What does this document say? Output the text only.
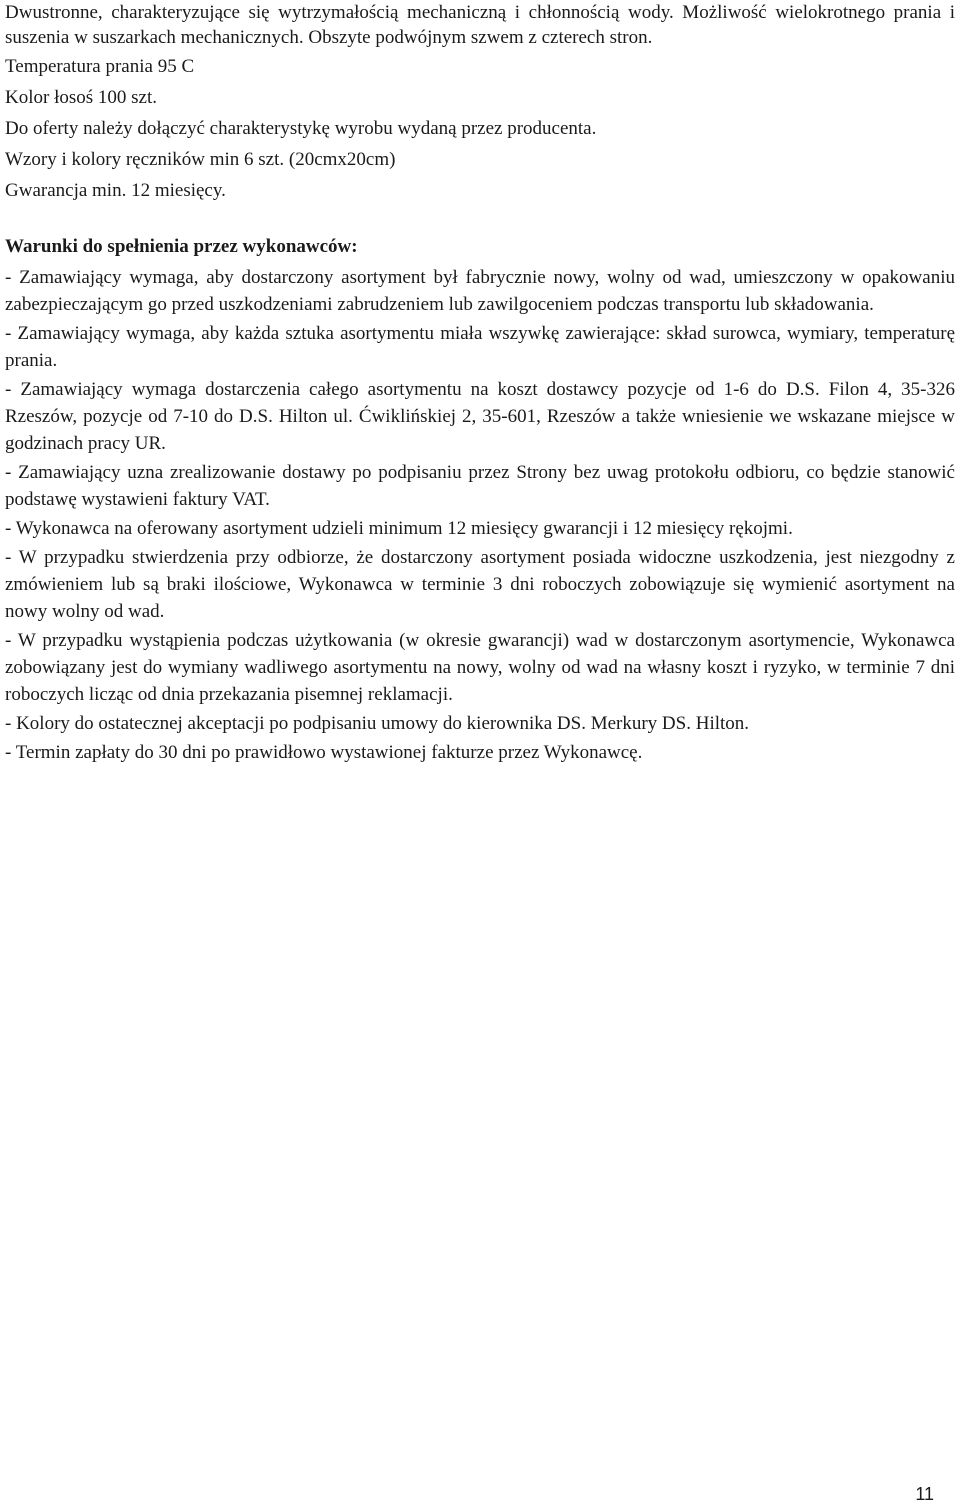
Dwustronne, charakteryzujące się wytrzymałością mechaniczną i chłonnością wody. Możliwość wielokrotnego prania i suszenia w suszarkach mechanicznych. Obszyte podwójnym szwem z czterech stron.

Temperatura prania 95 C

Kolor łosoś 100 szt.

Do oferty należy dołączyć charakterystykę wyrobu wydaną przez producenta.

Wzory i kolory ręczników min 6 szt. (20cmx20cm)

Gwarancja min. 12 miesięcy.

Warunki do spełnienia przez wykonawców:

- Zamawiający wymaga, aby dostarczony asortyment był fabrycznie nowy, wolny od wad, umieszczony w opakowaniu zabezpieczającym go przed uszkodzeniami zabrudzeniem lub zawilgoceniem podczas transportu lub składowania.

- Zamawiający wymaga, aby każda sztuka asortymentu miała wszywkę zawierające: skład surowca, wymiary, temperaturę prania.

- Zamawiający wymaga dostarczenia całego asortymentu na koszt dostawcy pozycje od 1-6 do D.S. Filon 4, 35-326 Rzeszów, pozycje od 7-10 do D.S. Hilton ul. Ćwiklińskiej 2, 35-601, Rzeszów a także wniesienie we wskazane miejsce w godzinach pracy UR.

- Zamawiający uzna zrealizowanie dostawy po podpisaniu przez Strony bez uwag protokołu odbioru, co będzie stanowić podstawę wystawieni faktury VAT.

- Wykonawca na oferowany asortyment udzieli minimum 12 miesięcy gwarancji i 12 miesięcy rękojmi.

- W przypadku stwierdzenia przy odbiorze, że dostarczony asortyment posiada widoczne uszkodzenia, jest niezgodny z zmówieniem lub są braki ilościowe, Wykonawca w terminie 3 dni roboczych zobowiązuje się wymienić asortyment na nowy wolny od wad.

- W przypadku wystąpienia podczas użytkowania (w okresie gwarancji) wad w dostarczonym asortymencie, Wykonawca zobowiązany jest do wymiany wadliwego asortymentu na nowy, wolny od wad na własny koszt i ryzyko, w terminie 7 dni roboczych licząc od dnia przekazania pisemnej reklamacji.

- Kolory do ostatecznej akceptacji po podpisaniu umowy do kierownika DS. Merkury DS. Hilton.

- Termin zapłaty do 30 dni po prawidłowo wystawionej fakturze przez Wykonawcę.

11
